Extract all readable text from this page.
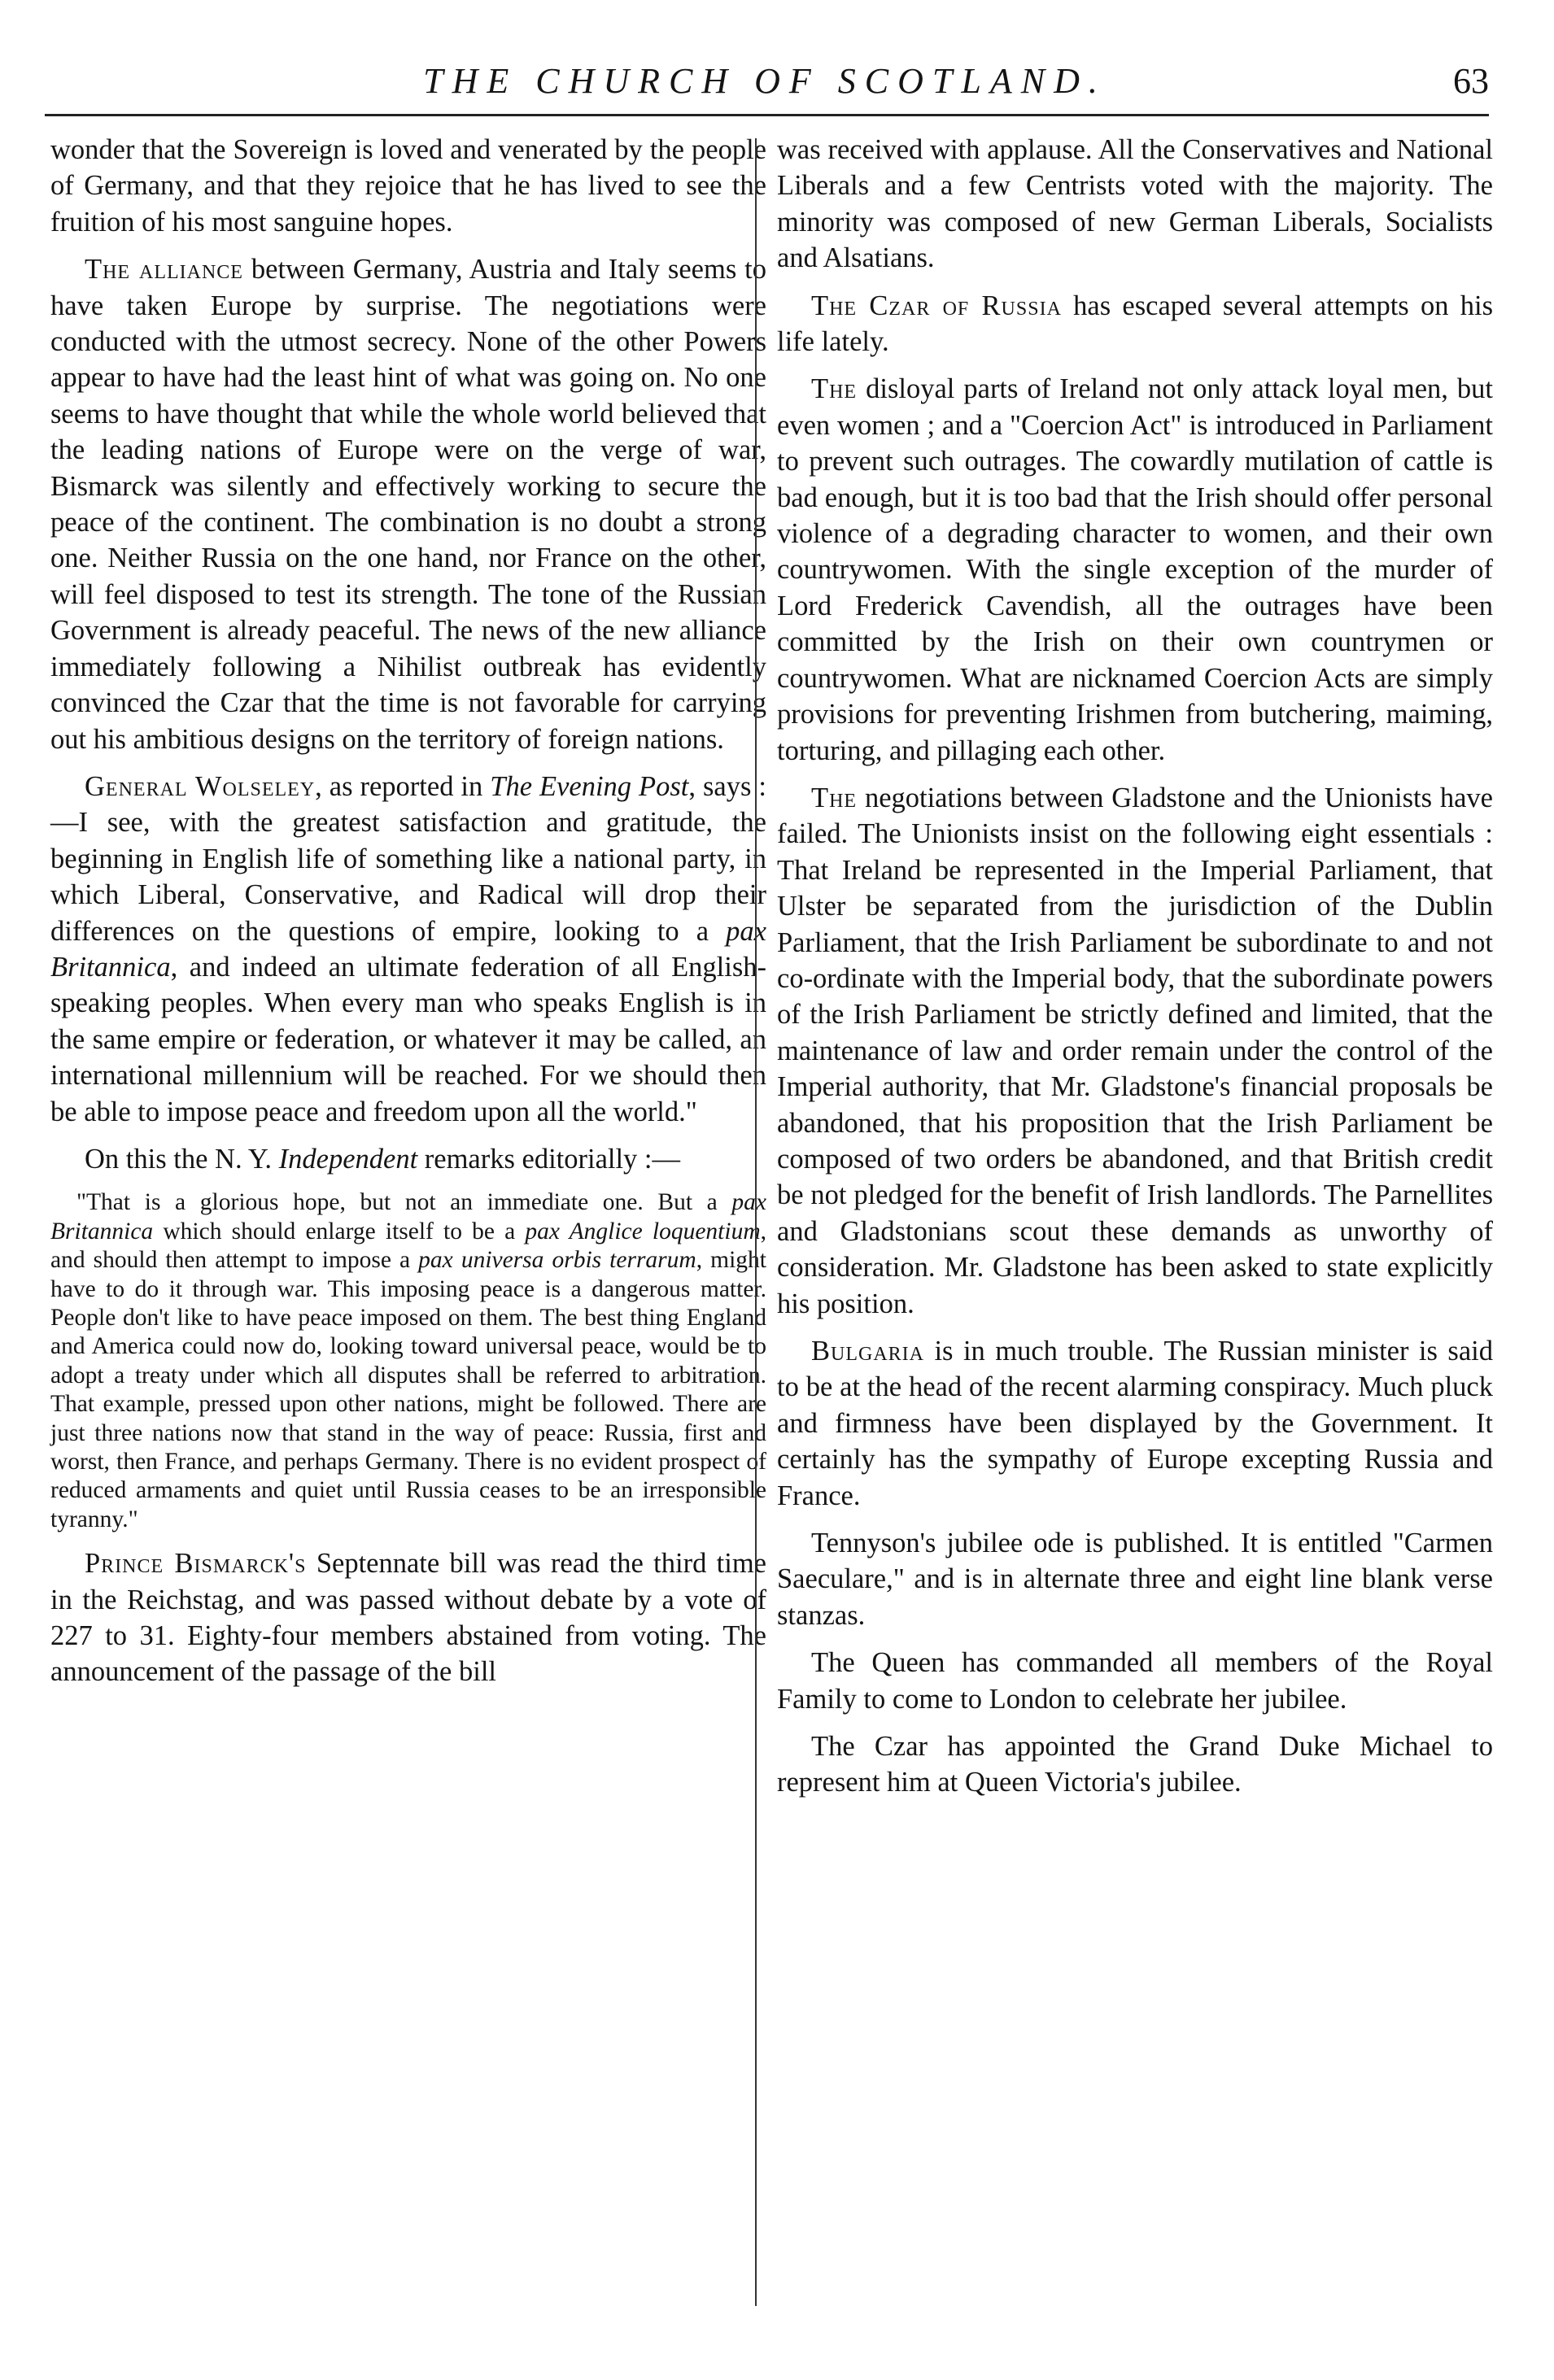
THE CHURCH OF SCOTLAND.	63

wonder that the Sovereign is loved and venerated by the people of Germany, and that they rejoice that he has lived to see the fruition of his most sanguine hopes.

The alliance between Germany, Austria and Italy seems to have taken Europe by surprise. The negotiations were conducted with the utmost secrecy. None of the other Powers appear to have had the least hint of what was going on. No one seems to have thought that while the whole world believed that the leading nations of Europe were on the verge of war, Bismarck was silently and effectively working to secure the peace of the continent. The combination is no doubt a strong one. Neither Russia on the one hand, nor France on the other, will feel disposed to test its strength. The tone of the Russian Government is already peaceful. The news of the new alliance immediately following a Nihilist outbreak has evidently convinced the Czar that the time is not favorable for carrying out his ambitious designs on the territory of foreign nations.

General Wolseley, as reported in The Evening Post, says :—I see, with the greatest satisfaction and gratitude, the beginning in English life of something like a national party, in which Liberal, Conservative, and Radical will drop their differences on the questions of empire, looking to a pax Britannica, and indeed an ultimate federation of all English-speaking peoples. When every man who speaks English is in the same empire or federation, or whatever it may be called, an international millennium will be reached. For we should then be able to impose peace and freedom upon all the world."

On this the N. Y. Independent remarks editorially :—

"That is a glorious hope, but not an immediate one. But a pax Britannica which should enlarge itself to be a pax Anglice loquentium, and should then attempt to impose a pax universa orbis terrarum, might have to do it through war. This imposing peace is a dangerous matter. People don't like to have peace imposed on them. The best thing England and America could now do, looking toward universal peace, would be to adopt a treaty under which all disputes shall be referred to arbitration. That example, pressed upon other nations, might be followed. There are just three nations now that stand in the way of peace: Russia, first and worst, then France, and perhaps Germany. There is no evident prospect of reduced armaments and quiet until Russia ceases to be an irresponsible tyranny."

Prince Bismarck's Septennate bill was read the third time in the Reichstag, and was passed without debate by a vote of 227 to 31. Eighty-four members abstained from voting. The announcement of the passage of the bill

was received with applause. All the Conservatives and National Liberals and a few Centrists voted with the majority. The minority was composed of new German Liberals, Socialists and Alsatians.

The Czar of Russia has escaped several attempts on his life lately.

The disloyal parts of Ireland not only attack loyal men, but even women ; and a "Coercion Act" is introduced in Parliament to prevent such outrages. The cowardly mutilation of cattle is bad enough, but it is too bad that the Irish should offer personal violence of a degrading character to women, and their own countrywomen. With the single exception of the murder of Lord Frederick Cavendish, all the outrages have been committed by the Irish on their own countrymen or countrywomen. What are nicknamed Coercion Acts are simply provisions for preventing Irishmen from butchering, maiming, torturing, and pillaging each other.

The negotiations between Gladstone and the Unionists have failed. The Unionists insist on the following eight essentials : That Ireland be represented in the Imperial Parliament, that Ulster be separated from the jurisdiction of the Dublin Parliament, that the Irish Parliament be subordinate to and not co-ordinate with the Imperial body, that the subordinate powers of the Irish Parliament be strictly defined and limited, that the maintenance of law and order remain under the control of the Imperial authority, that Mr. Gladstone's financial proposals be abandoned, that his proposition that the Irish Parliament be composed of two orders be abandoned, and that British credit be not pledged for the benefit of Irish landlords. The Parnellites and Gladstonians scout these demands as unworthy of consideration. Mr. Gladstone has been asked to state explicitly his position.

Bulgaria is in much trouble. The Russian minister is said to be at the head of the recent alarming conspiracy. Much pluck and firmness have been displayed by the Government. It certainly has the sympathy of Europe excepting Russia and France.

Tennyson's jubilee ode is published. It is entitled "Carmen Saeculare," and is in alternate three and eight line blank verse stanzas.

The Queen has commanded all members of the Royal Family to come to London to celebrate her jubilee.

The Czar has appointed the Grand Duke Michael to represent him at Queen Victoria's jubilee.
